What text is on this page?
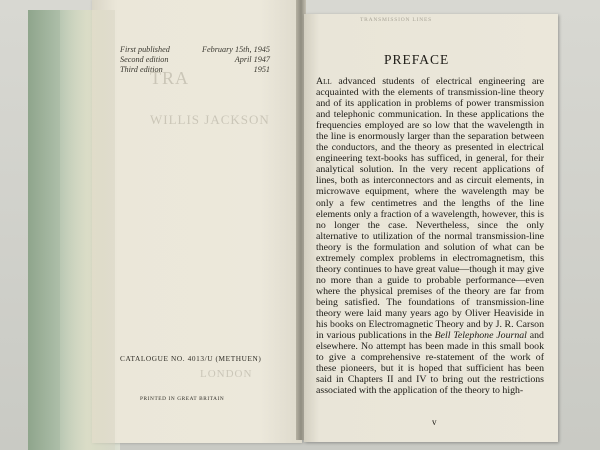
TRA
WILLIS JACKSON
LONDON
First published	February 15th, 1945
Second edition	April 1947
Third edition	1951
CATALOGUE NO. 4013/U (METHUEN)
PRINTED IN GREAT BRITAIN
TRANSMISSION LINES
PREFACE
All advanced students of electrical engineering are acquainted with the elements of transmission-line theory and of its application in problems of power transmission and telephonic communication. In these applications the frequencies employed are so low that the wavelength in the line is enormously larger than the separation between the conductors, and the theory as presented in electrical engineering text-books has sufficed, in general, for their analytical solution. In the very recent applications of lines, both as interconnectors and as circuit elements, in microwave equipment, where the wavelength may be only a few centimetres and the lengths of the line elements only a fraction of a wavelength, however, this is no longer the case. Nevertheless, since the only alternative to utilization of the normal transmission-line theory is the formulation and solution of what can be extremely complex problems in electromagnetism, this theory continues to have great value—though it may give no more than a guide to probable performance—even where the physical premises of the theory are far from being satisfied. The foundations of transmission-line theory were laid many years ago by Oliver Heaviside in his books on Electromagnetic Theory and by J. R. Carson in various publications in the Bell Telephone Journal and elsewhere. No attempt has been made in this small book to give a comprehensive re-statement of the work of these pioneers, but it is hoped that sufficient has been said in Chapters II and IV to bring out the restrictions associated with the application of the theory to high-
v
